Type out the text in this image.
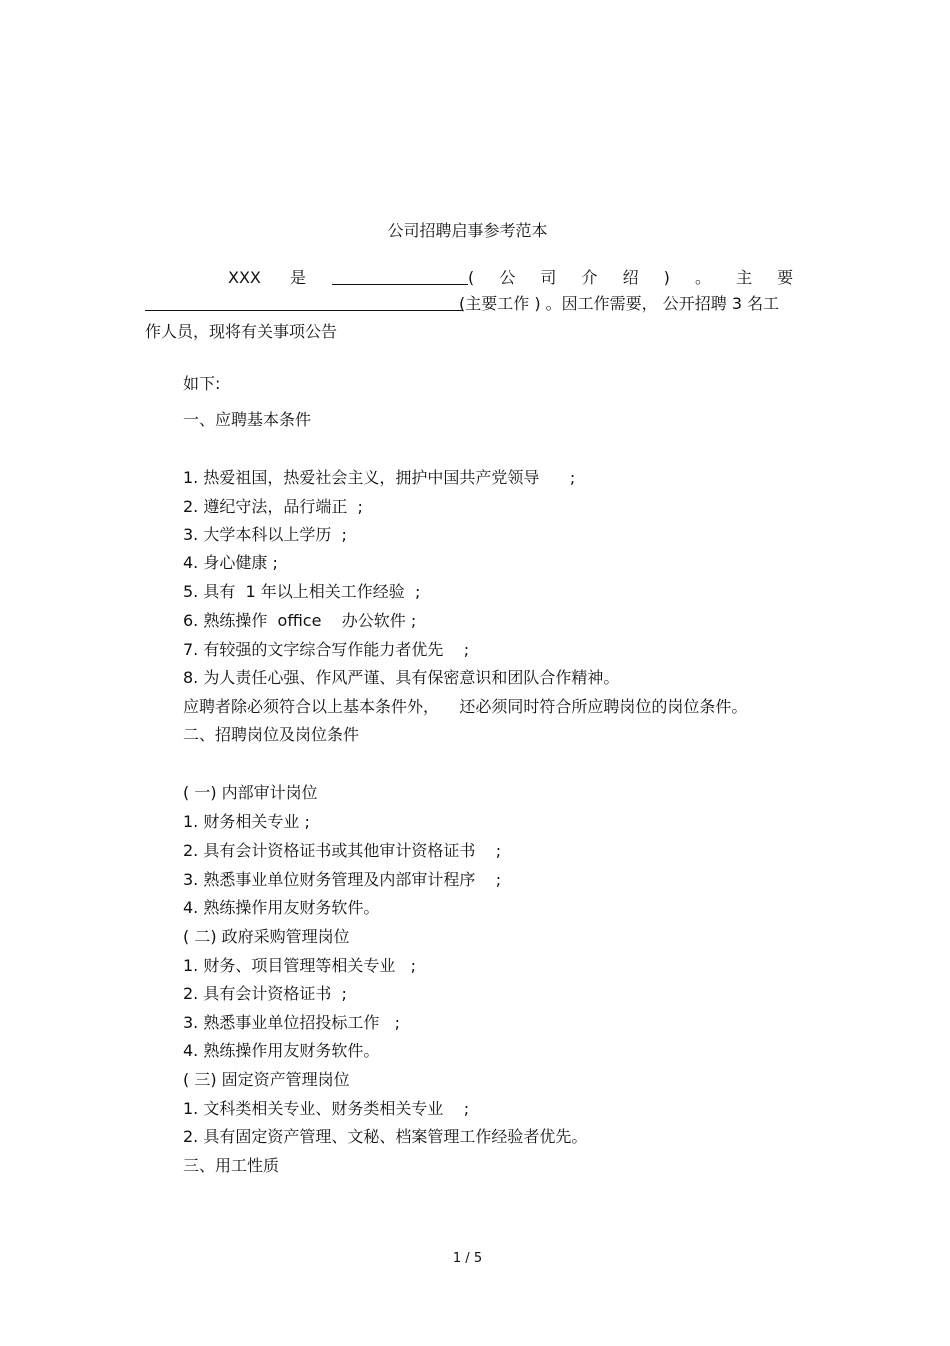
公司招聘启事参考范本
XXX 是	( 公 司 介 绍 ) 。 主 要
(主要工作 ) 。因工作需要， 公开招聘 3 名工
作人员，现将有关事项公告
如下:
一、应聘基本条件
1. 热爱祖国，热爱社会主义，拥护中国共产党领导      ;
2. 遵纪守法，品行端正  ;
3. 大学本科以上学历  ;
4. 身心健康 ;
5. 具有  1 年以上相关工作经验  ;
6. 熟练操作  office    办公软件 ;
7. 有较强的文字综合写作能力者优先    ;
8. 为人责任心强、作风严谨、具有保密意识和团队合作精神。
应聘者除必须符合以上基本条件外，    还必须同时符合所应聘岗位的岗位条件。
二、招聘岗位及岗位条件
( 一) 内部审计岗位
1. 财务相关专业 ;
2. 具有会计资格证书或其他审计资格证书    ;
3. 熟悉事业单位财务管理及内部审计程序    ;
4. 熟练操作用友财务软件。
( 二) 政府采购管理岗位
1. 财务、项目管理等相关专业   ;
2. 具有会计资格证书  ;
3. 熟悉事业单位招投标工作   ;
4. 熟练操作用友财务软件。
( 三) 固定资产管理岗位
1. 文科类相关专业、财务类相关专业    ;
2. 具有固定资产管理、文秘、档案管理工作经验者优先。
三、用工性质
1 / 5
